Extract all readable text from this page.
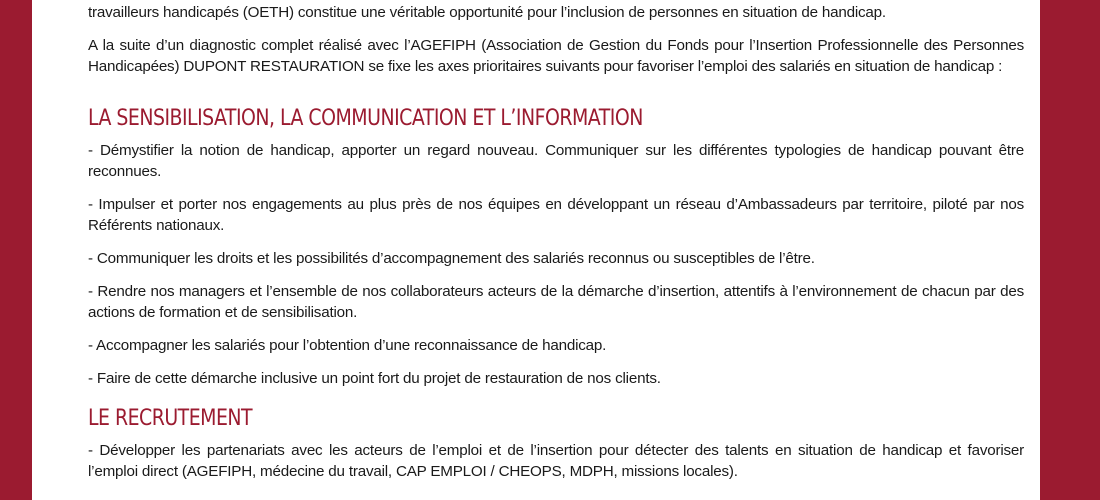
travailleurs handicapés (OETH) constitue une véritable opportunité pour l’inclusion de personnes en situation de handicap.

A la suite d’un diagnostic complet réalisé avec l’AGEFIPH (Association de Gestion du Fonds pour l’Insertion Professionnelle des Personnes Handicapées) DUPONT RESTAURATION se fixe les axes prioritaires suivants pour favoriser l’emploi des salariés en situation de handicap :

LA SENSIBILISATION, LA COMMUNICATION ET L’INFORMATION

- Démystifier la notion de handicap, apporter un regard nouveau. Communiquer sur les différentes typologies de handicap pouvant être reconnues.

- Impulser et porter nos engagements au plus près de nos équipes en développant un réseau d’Ambassadeurs par territoire, piloté par nos Référents nationaux.

- Communiquer les droits et les possibilités d’accompagnement des salariés reconnus ou susceptibles de l’être.

- Rendre nos managers et l’ensemble de nos collaborateurs acteurs de la démarche d’insertion, attentifs à l’environnement de chacun par des actions de formation et de sensibilisation.

- Accompagner les salariés pour l’obtention d’une reconnaissance de handicap.

- Faire de cette démarche inclusive un point fort du projet de restauration de nos clients.

LE RECRUTEMENT

- Développer les partenariats avec les acteurs de l’emploi et de l’insertion pour détecter des talents en situation de handicap et favoriser l’emploi direct (AGEFIPH, médecine du travail, CAP EMPLOI / CHEOPS, MDPH, missions locales).
